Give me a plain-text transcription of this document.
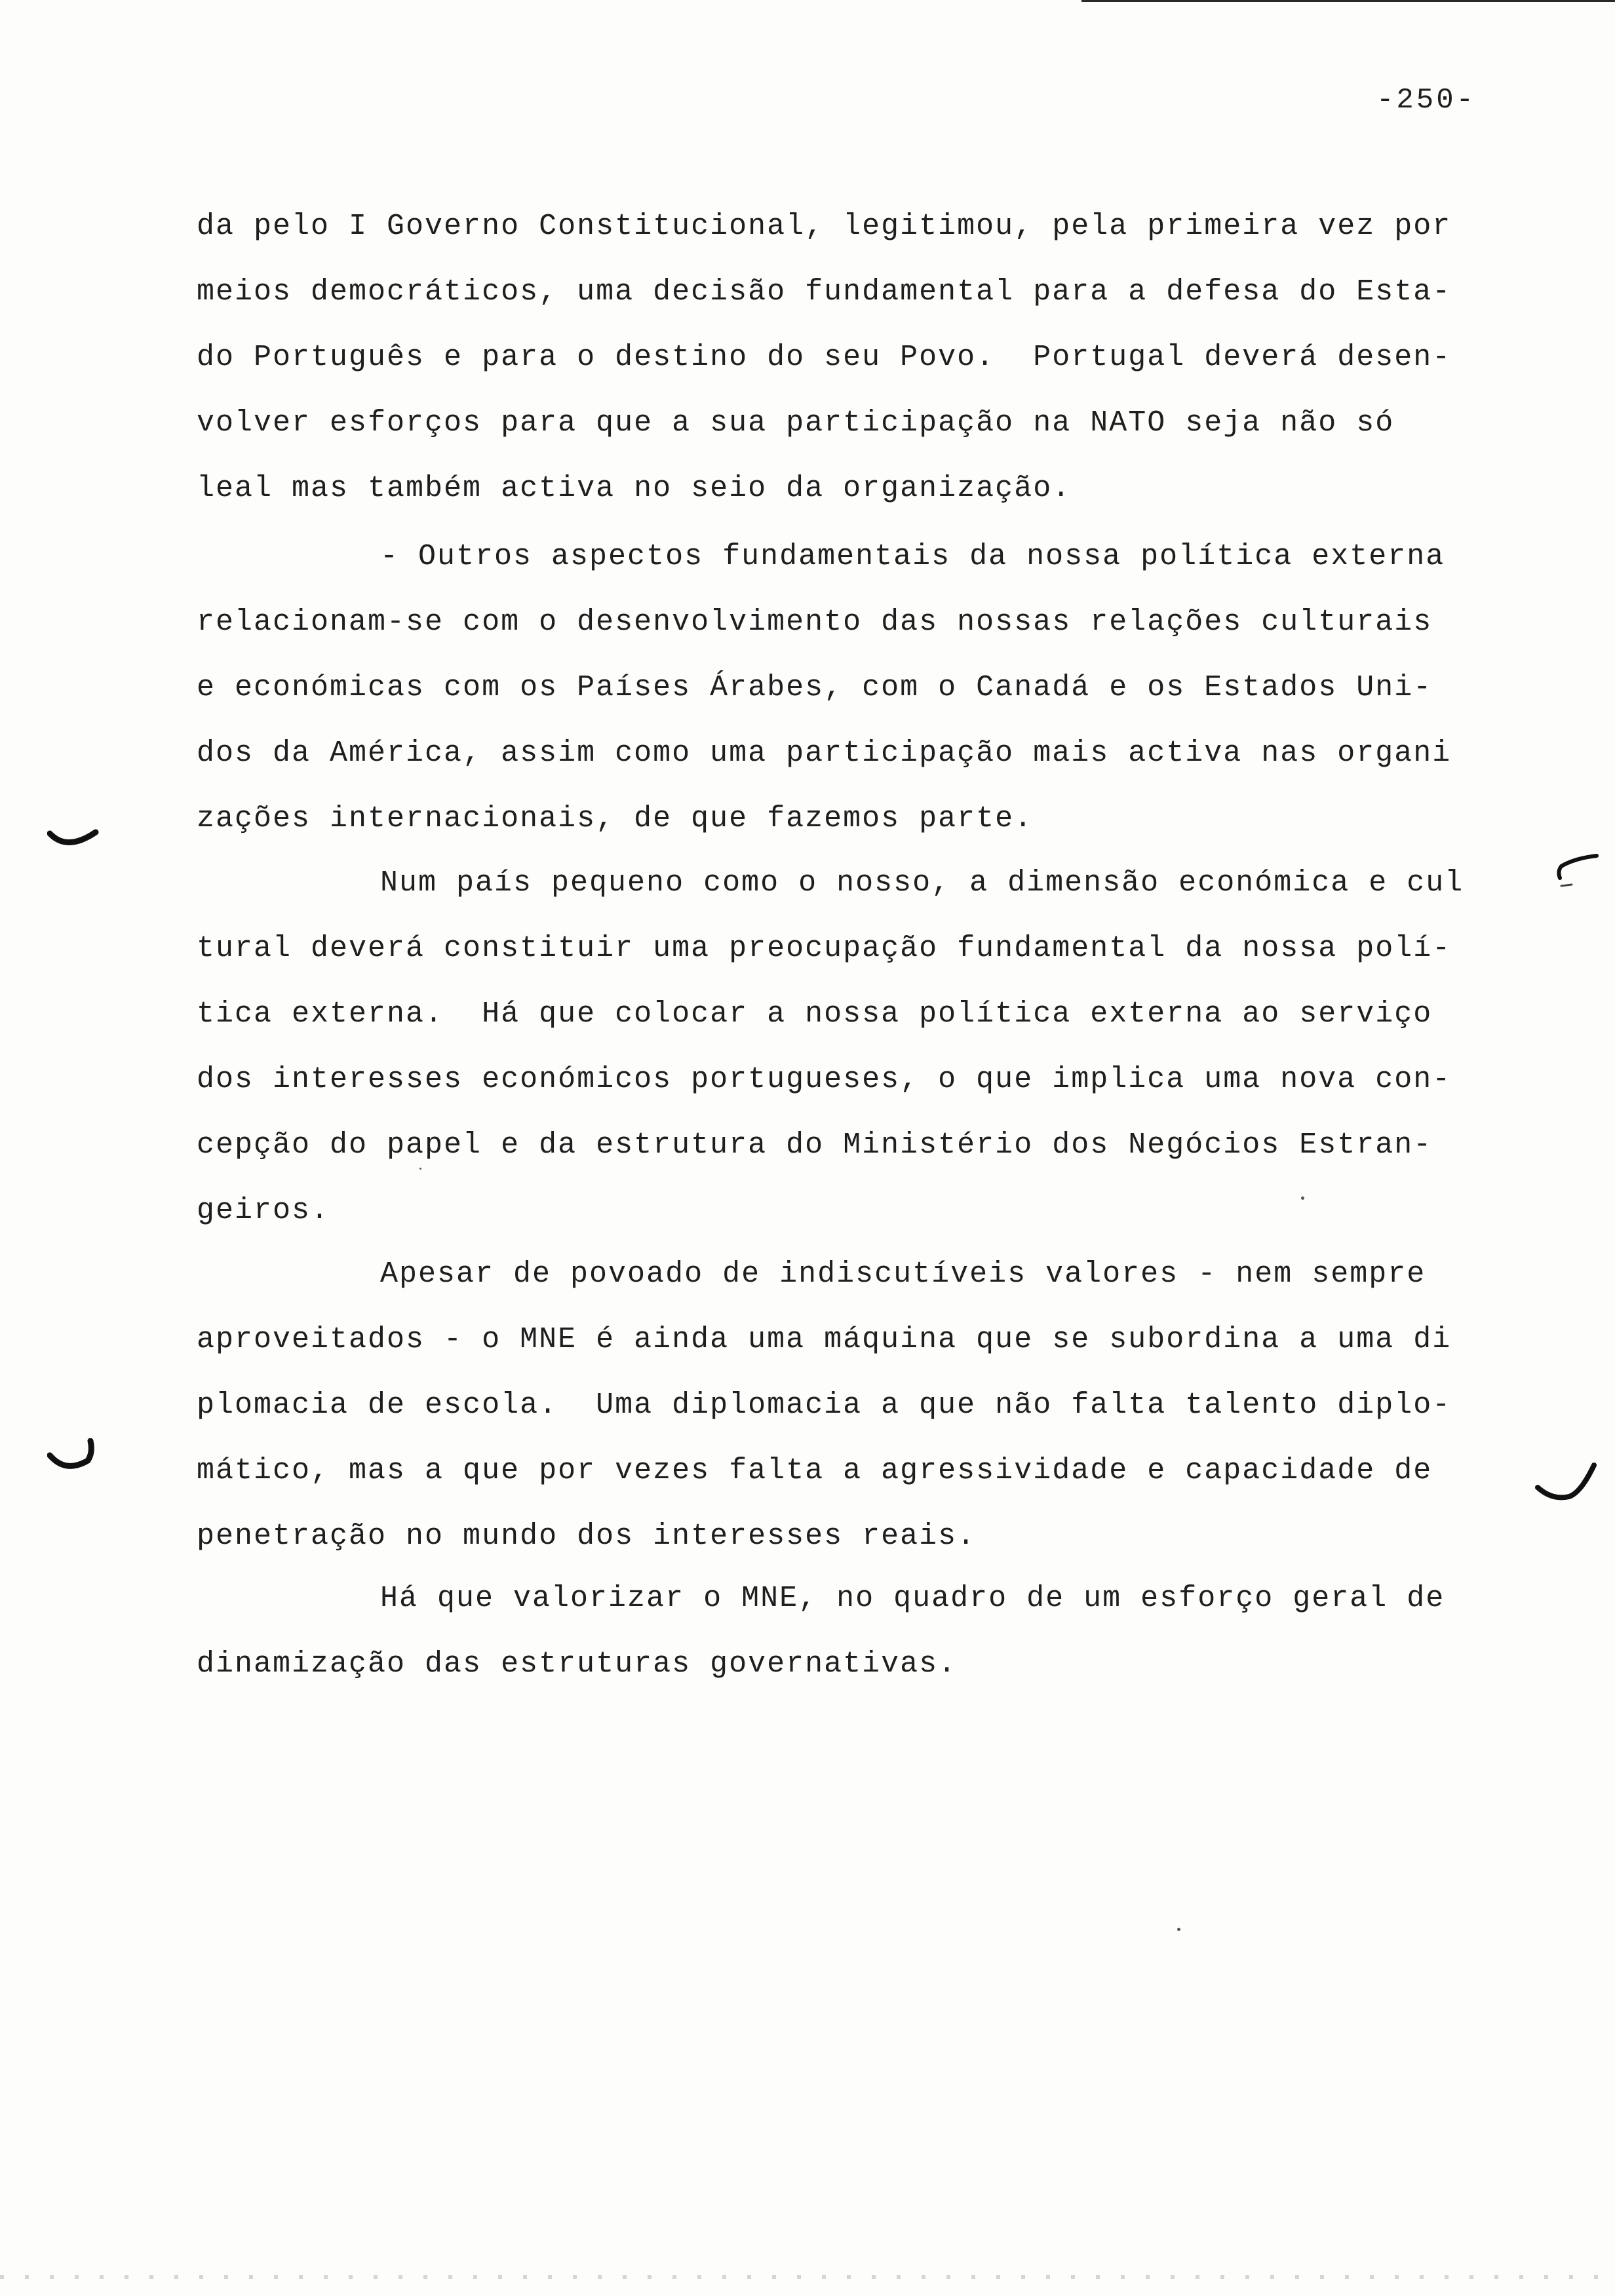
-250-
da pelo I Governo Constitucional, legitimou, pela primeira vez por
meios democráticos, uma decisão fundamental para a defesa do Esta-
do Português e para o destino do seu Povo.  Portugal deverá desen-
volver esforços para que a sua participação na NATO seja não só
leal mas também activa no seio da organização.
- Outros aspectos fundamentais da nossa política externa
relacionam-se com o desenvolvimento das nossas relações culturais
e económicas com os Países Árabes, com o Canadá e os Estados Uni-
dos da América, assim como uma participação mais activa nas organi
zações internacionais, de que fazemos parte.
Num país pequeno como o nosso, a dimensão económica e cul
tural deverá constituir uma preocupação fundamental da nossa polí-
tica externa.  Há que colocar a nossa política externa ao serviço
dos interesses económicos portugueses, o que implica uma nova con-
cepção do papel e da estrutura do Ministério dos Negócios Estran-
geiros.
Apesar de povoado de indiscutíveis valores - nem sempre
aproveitados - o MNE é ainda uma máquina que se subordina a uma di
plomacia de escola.  Uma diplomacia a que não falta talento diplo-
mático, mas a que por vezes falta a agressividade e capacidade de
penetração no mundo dos interesses reais.
Há que valorizar o MNE, no quadro de um esforço geral de
dinamização das estruturas governativas.
